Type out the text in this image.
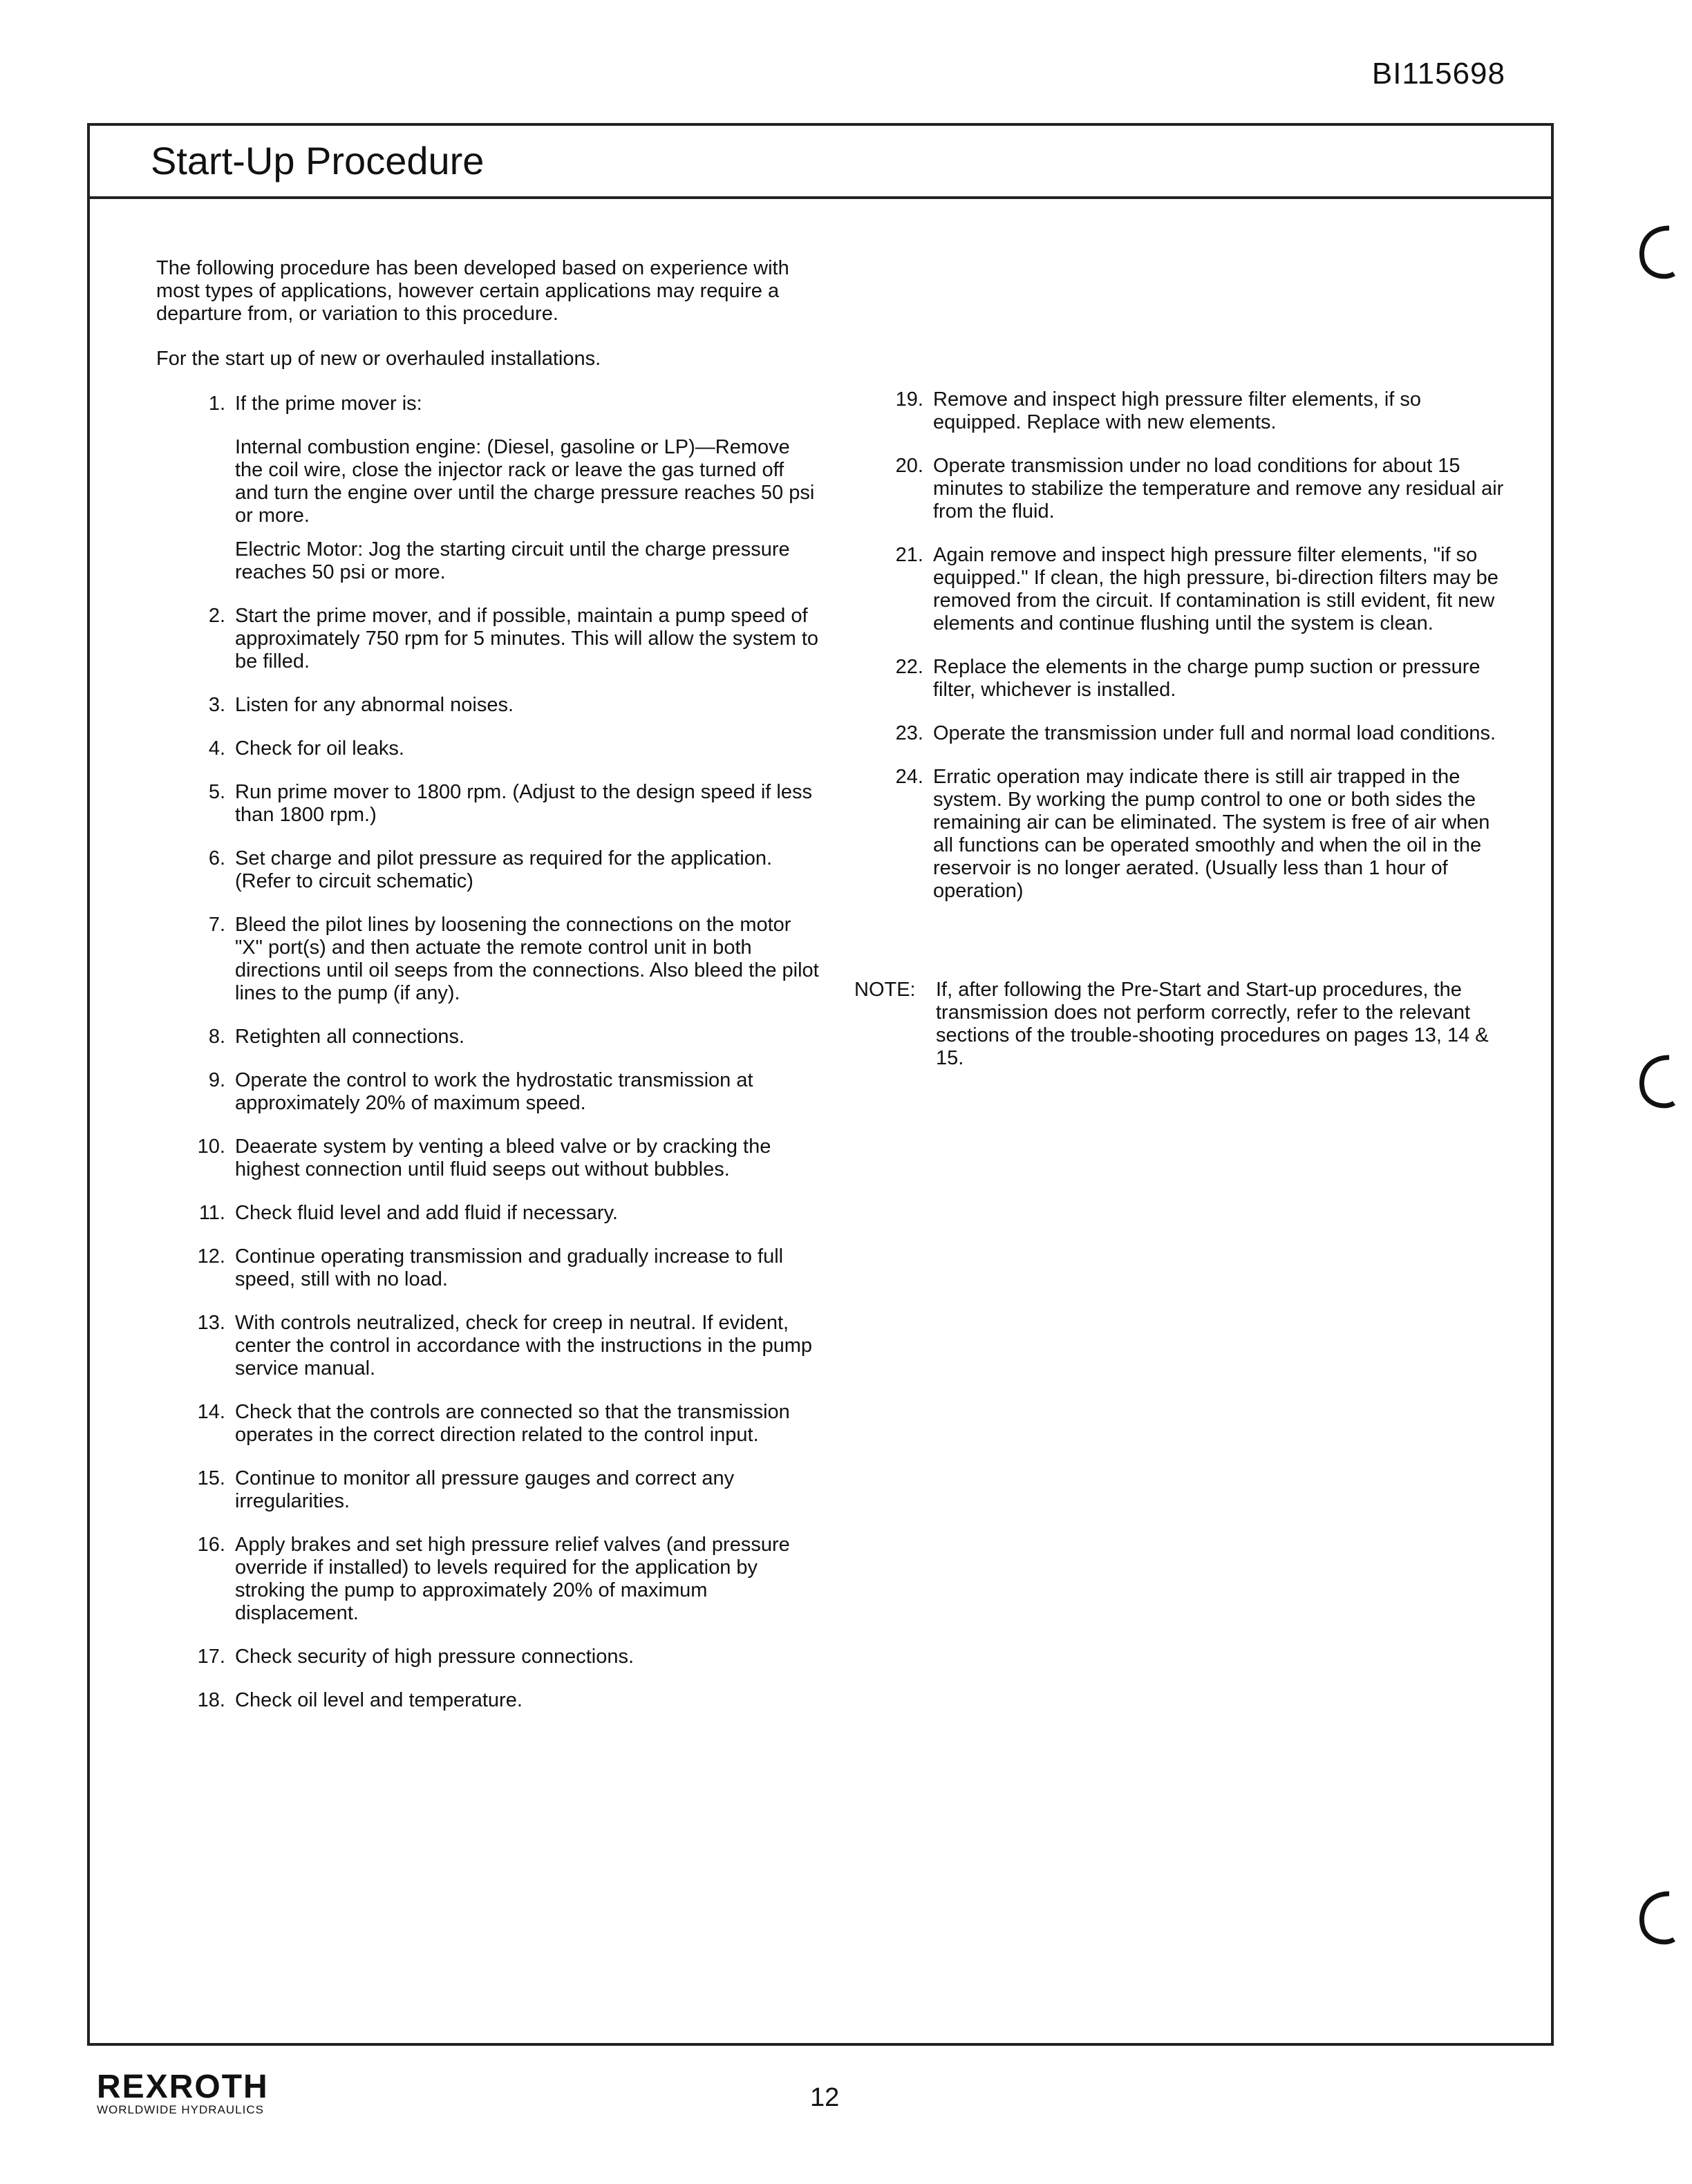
BI115698
Start-Up Procedure

The following procedure has been developed based on experience with most types of applications, however certain applications may require a departure from, or variation to this procedure.

For the start up of new or overhauled installations.

1. If the prime mover is:
Internal combustion engine: (Diesel, gasoline or LP)—Remove the coil wire, close the injector rack or leave the gas turned off and turn the engine over until the charge pressure reaches 50 psi or more.
Electric Motor: Jog the starting circuit until the charge pressure reaches 50 psi or more.
2. Start the prime mover, and if possible, maintain a pump speed of approximately 750 rpm for 5 minutes. This will allow the system to be filled.
3. Listen for any abnormal noises.
4. Check for oil leaks.
5. Run prime mover to 1800 rpm. (Adjust to the design speed if less than 1800 rpm.)
6. Set charge and pilot pressure as required for the application. (Refer to circuit schematic)
7. Bleed the pilot lines by loosening the connections on the motor "X" port(s) and then actuate the remote control unit in both directions until oil seeps from the connections. Also bleed the pilot lines to the pump (if any).
8. Retighten all connections.
9. Operate the control to work the hydrostatic transmission at approximately 20% of maximum speed.
10. Deaerate system by venting a bleed valve or by cracking the highest connection until fluid seeps out without bubbles.
11. Check fluid level and add fluid if necessary.
12. Continue operating transmission and gradually increase to full speed, still with no load.
13. With controls neutralized, check for creep in neutral. If evident, center the control in accordance with the instructions in the pump service manual.
14. Check that the controls are connected so that the transmission operates in the correct direction related to the control input.
15. Continue to monitor all pressure gauges and correct any irregularities.
16. Apply brakes and set high pressure relief valves (and pressure override if installed) to levels required for the application by stroking the pump to approximately 20% of maximum displacement.
17. Check security of high pressure connections.
18. Check oil level and temperature.
19. Remove and inspect high pressure filter elements, if so equipped. Replace with new elements.
20. Operate transmission under no load conditions for about 15 minutes to stabilize the temperature and remove any residual air from the fluid.
21. Again remove and inspect high pressure filter elements, "if so equipped." If clean, the high pressure, bi-direction filters may be removed from the circuit. If contamination is still evident, fit new elements and continue flushing until the system is clean.
22. Replace the elements in the charge pump suction or pressure filter, whichever is installed.
23. Operate the transmission under full and normal load conditions.
24. Erratic operation may indicate there is still air trapped in the system. By working the pump control to one or both sides the remaining air can be eliminated. The system is free of air when all functions can be operated smoothly and when the oil in the reservoir is no longer aerated. (Usually less than 1 hour of operation)
NOTE:	If, after following the Pre-Start and Start-up procedures, the transmission does not perform correctly, refer to the relevant sections of the trouble-shooting procedures on pages 13, 14 & 15.
REXROTH
WORLDWIDE HYDRAULICS	12
